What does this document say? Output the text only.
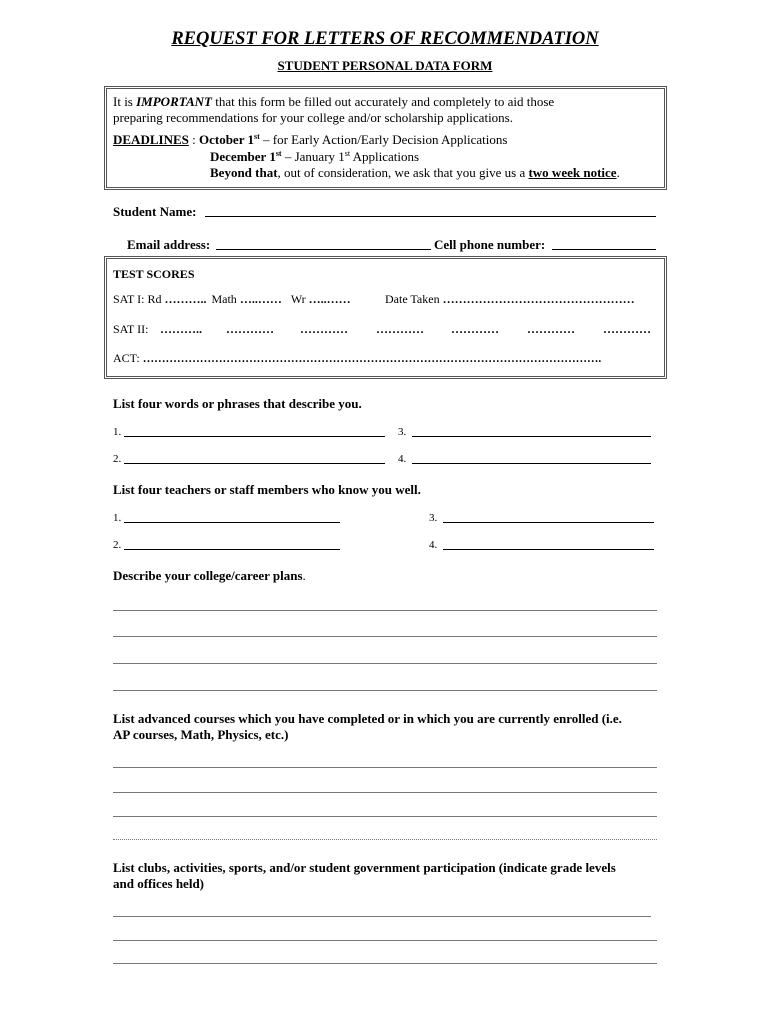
REQUEST FOR LETTERS OF RECOMMENDATION
STUDENT PERSONAL DATA FORM
It is IMPORTANT that this form be filled out accurately and completely to aid those
preparing recommendations for your college and/or scholarship applications.
DEADLINES : October 1st – for Early Action/Early Decision Applications
December 1st – January 1st Applications
Beyond that, out of consideration, we ask that you give us a two week notice.
Student Name:
Email address:	Cell phone number:
TEST SCORES
SAT I: Rd ……….. Math …..…… Wr …..……	Date Taken …………………………………………
SAT II: ……….. ………… ………… ………… ………… ………… …………
ACT: ………………………………………………………………………………………………………….
List four words or phrases that describe you.
1.	3.
2.	4.
List four teachers or staff members who know you well.
1.	3.
2.	4.
Describe your college/career plans.
List advanced courses which you have completed or in which you are currently enrolled (i.e.
AP courses, Math, Physics, etc.)
List clubs, activities, sports, and/or student government participation (indicate grade levels
and offices held)
